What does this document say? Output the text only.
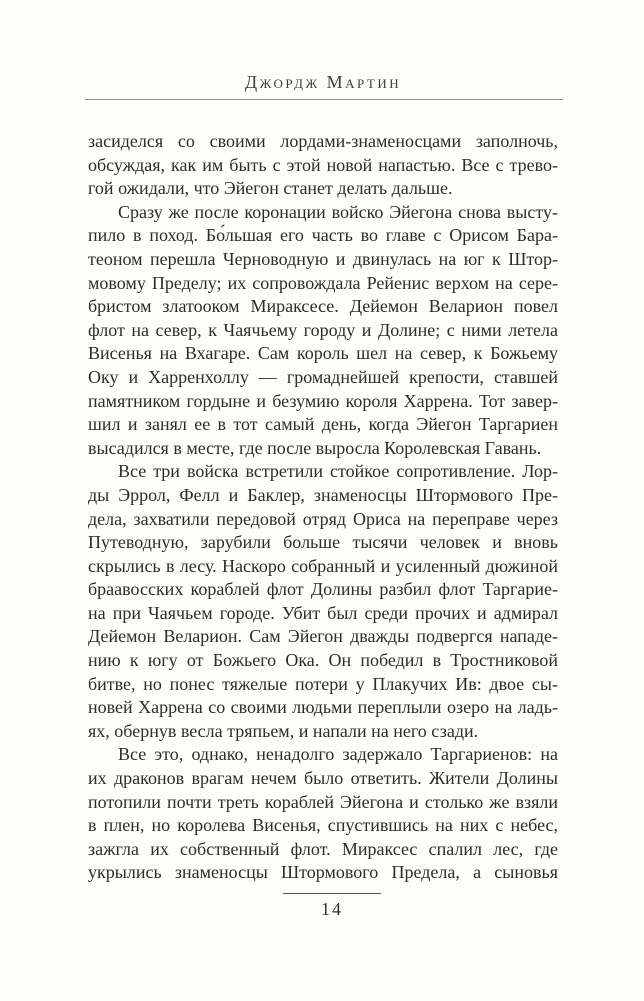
Джордж Мартин
засиделся со своими лордами-знаменосцами заполночь,
обсуждая, как им быть с этой новой напастью. Все с трево-
гой ожидали, что Эйегон станет делать дальше.
Сразу же после коронации войско Эйегона снова высту-
пило в поход. Бо́льшая его часть во главе с Орисом Бара-
теоном перешла Черноводную и двинулась на юг к Штор-
мовому Пределу; их сопровождала Рейенис верхом на сере-
бристом златооком Мираксесе. Дейемон Веларион повел
флот на север, к Чаячьему городу и Долине; с ними летела
Висенья на Вхагаре. Сам король шел на север, к Божьему
Оку и Харренхоллу — громаднейшей крепости, ставшей
памятником гордыне и безумию короля Харрена. Тот завер-
шил и занял ее в тот самый день, когда Эйегон Таргариен
высадился в месте, где после выросла Королевская Гавань.
Все три войска встретили стойкое сопротивление. Лор-
ды Эррол, Фелл и Баклер, знаменосцы Штормового Пре-
дела, захватили передовой отряд Ориса на переправе через
Путеводную, зарубили больше тысячи человек и вновь
скрылись в лесу. Наскоро собранный и усиленный дюжиной
браавосских кораблей флот Долины разбил флот Таргарие-
на при Чаячьем городе. Убит был среди прочих и адмирал
Дейемон Веларион. Сам Эйегон дважды подвергся нападе-
нию к югу от Божьего Ока. Он победил в Тростниковой
битве, но понес тяжелые потери у Плакучих Ив: двое сы-
новей Харрена со своими людьми переплыли озеро на ладь-
ях, обернув весла тряпьем, и напали на него сзади.
Все это, однако, ненадолго задержало Таргариенов: на
их драконов врагам нечем было ответить. Жители Долины
потопили почти треть кораблей Эйегона и столько же взяли
в плен, но королева Висенья, спустившись на них с небес,
зажгла их собственный флот. Мираксес спалил лес, где
укрылись знаменосцы Штормового Предела, а сыновья
14
